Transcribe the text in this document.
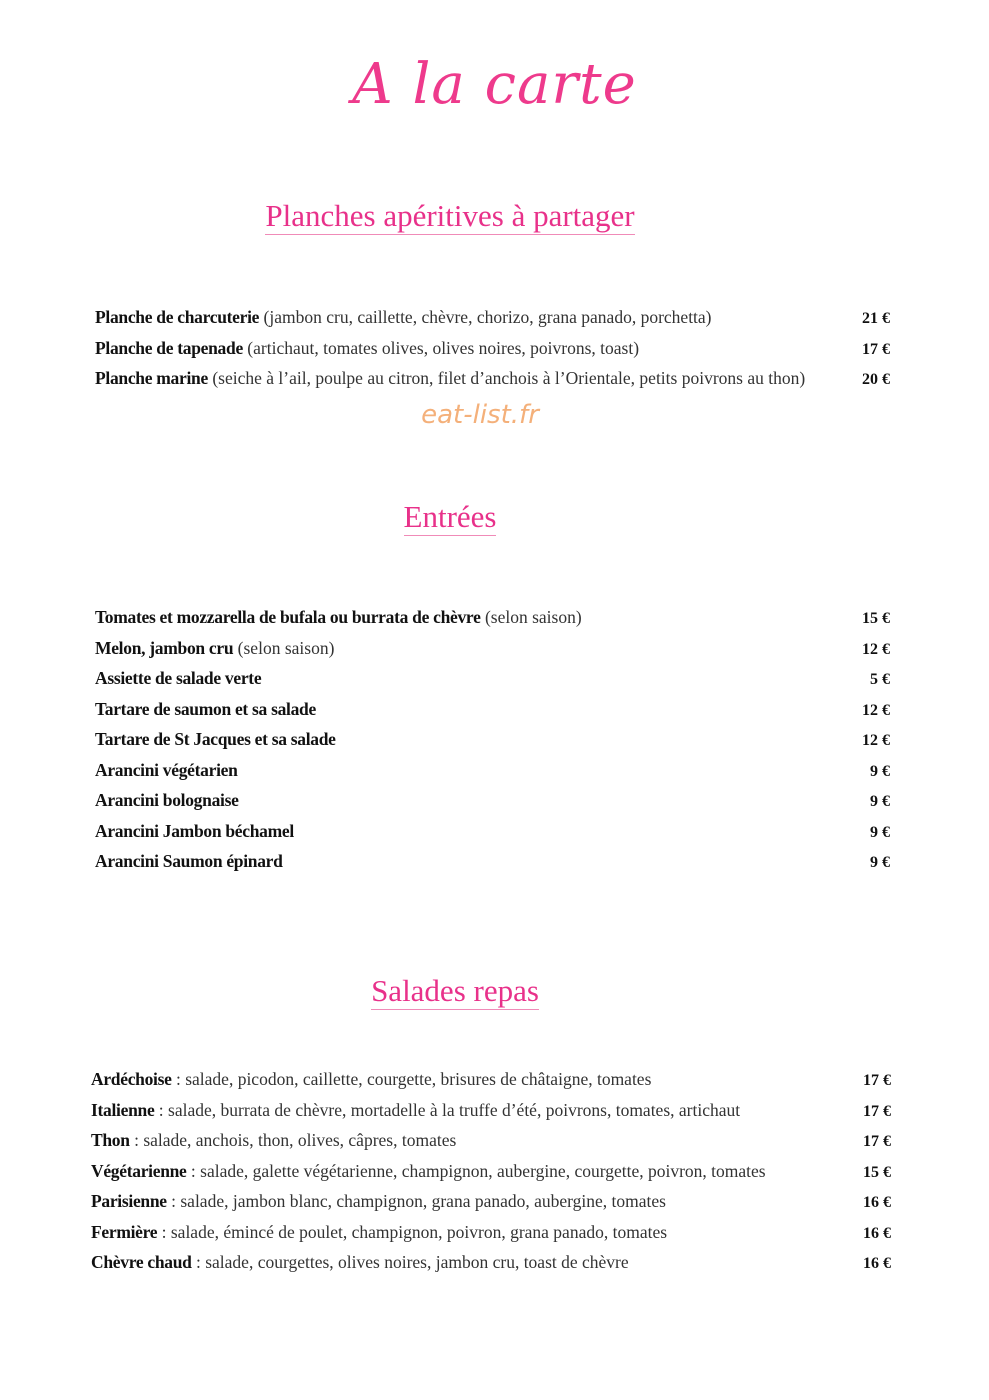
A la carte
Planches apéritives à partager
Planche de charcuterie (jambon cru, caillette, chèvre, chorizo, grana panado, porchetta)	21 €
Planche de tapenade (artichaut, tomates olives, olives noires, poivrons, toast)	17 €
Planche marine (seiche à l’ail, poulpe au citron, filet d’anchois à l’Orientale, petits poivrons au thon)	20 €
eat-list.fr
Entrées
Tomates et mozzarella de bufala ou burrata de chèvre (selon saison)	15 €
Melon, jambon cru (selon saison)	12 €
Assiette de salade verte	5 €
Tartare de saumon et sa salade	12 €
Tartare de St Jacques et sa salade	12 €
Arancini végétarien	9 €
Arancini bolognaise	9 €
Arancini Jambon béchamel	9 €
Arancini Saumon épinard	9 €
Salades repas
Ardéchoise : salade, picodon, caillette, courgette, brisures de châtaigne, tomates	17 €
Italienne : salade, burrata de chèvre, mortadelle à la truffe d’été, poivrons, tomates, artichaut	17 €
Thon : salade, anchois, thon, olives, câpres, tomates	17 €
Végétarienne : salade, galette végétarienne, champignon, aubergine, courgette, poivron, tomates	15 €
Parisienne : salade, jambon blanc, champignon, grana panado, aubergine, tomates	16 €
Fermière : salade, émincé de poulet, champignon, poivron, grana panado, tomates	16 €
Chèvre chaud : salade, courgettes, olives noires, jambon cru, toast de chèvre	16 €
